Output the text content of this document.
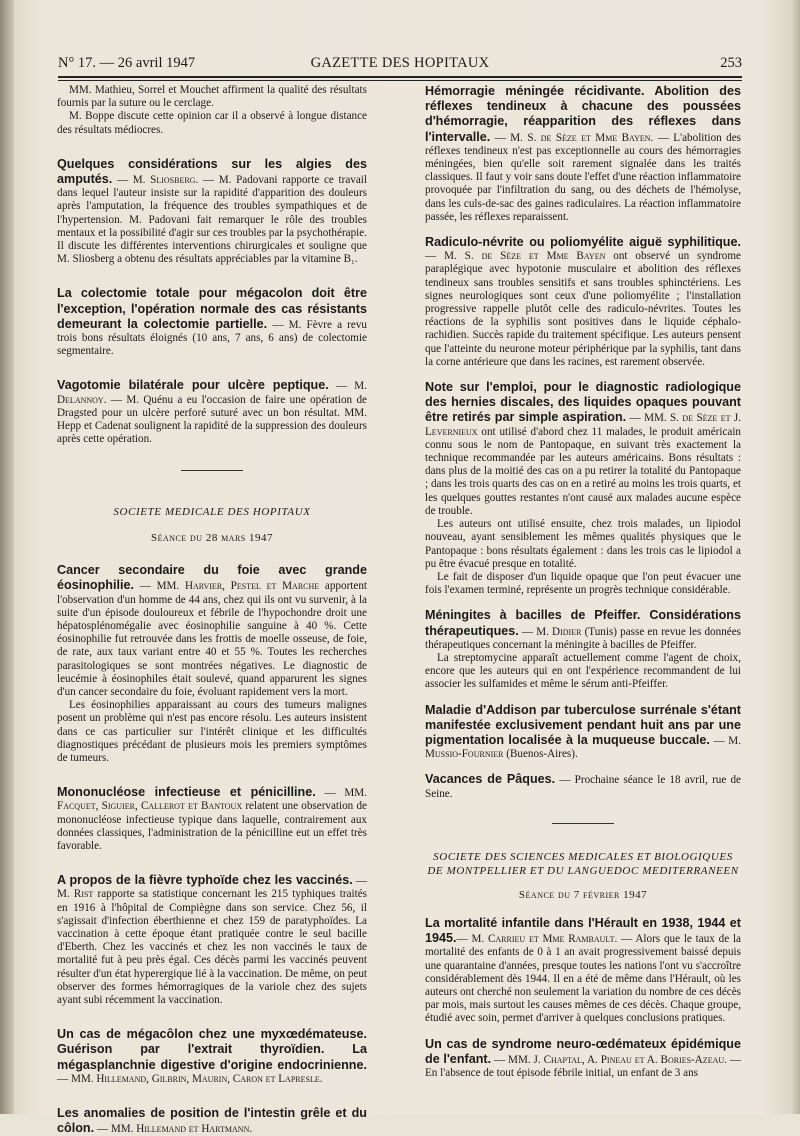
N° 17. — 26 avril 1947	GAZETTE DES HOPITAUX	253

MM. Mathieu, Sorrel et Mouchet affirment la qualité des résultats fournis par la suture ou le cerclage.

M. Boppe discute cette opinion car il a observé à longue distance des résultats médiocres.

Quelques considérations sur les algies des amputés. — M. Sliosberg. — M. Padovani rapporte ce travail dans lequel l'auteur insiste sur la rapidité d'apparition des douleurs après l'amputation, la fréquence des troubles sympathiques et de l'hypertension. M. Padovani fait remarquer le rôle des troubles mentaux et la possibilité d'agir sur ces troubles par la psychothérapie. Il discute les différentes interventions chirurgicales et souligne que M. Sliosberg a obtenu des résultats appréciables par la vitamine B₁.

La colectomie totale pour mégacolon doit être l'exception, l'opération normale des cas résistants demeurant la colectomie partielle. — M. Fèvre a revu trois bons résultats éloignés (10 ans, 7 ans, 6 ans) de colectomie segmentaire.

Vagotomie bilatérale pour ulcère peptique. — M. Delannoy. — M. Quénu a eu l'occasion de faire une opération de Dragsted pour un ulcère perforé suturé avec un bon résultat. MM. Hepp et Cadenat soulignent la rapidité de la suppression des douleurs après cette opération.

SOCIETE MEDICALE DES HOPITAUX
Séance du 28 mars 1947

Cancer secondaire du foie avec grande éosinophilie. — MM. Harvier, Pestel et Marche apportent l'observation d'un homme de 44 ans, chez qui ils ont vu survenir, à la suite d'un épisode douloureux et fébrile de l'hypochondre droit une hépatosplénomégalie avec éosinophilie sanguine à 40 %. Cette éosinophilie fut retrouvée dans les frottis de moelle osseuse, de foie, de rate, aux taux variant entre 40 et 55 %. Toutes les recherches parasitologiques se sont montrées négatives. Le diagnostic de leucémie à éosinophiles était soulevé, quand apparurent les signes d'un cancer secondaire du foie, évoluant rapidement vers la mort.

Les éosinophilies apparaissant au cours des tumeurs malignes posent un problème qui n'est pas encore résolu. Les auteurs insistent dans ce cas particulier sur l'intérêt clinique et les difficultés diagnostiques précédant de plusieurs mois les premiers symptômes de tumeurs.

Mononucléose infectieuse et pénicilline. — MM. Facquet, Siguier, Callerot et Bantoux relatent une observation de mononucléose infectieuse typique dans laquelle, contrairement aux données classiques, l'administration de la pénicilline eut un effet très favorable.

A propos de la fièvre typhoïde chez les vaccinés. — M. Rist rapporte sa statistique concernant les 215 typhiques traités en 1916 à l'hôpital de Compiègne dans son service. Chez 56, il s'agissait d'infection éberthienne et chez 159 de paratyphoïdes. La vaccination à cette époque étant pratiquée contre le seul bacille d'Eberth. Chez les vaccinés et chez les non vaccinés le taux de mortalité fut à peu près égal. Ces décès parmi les vaccinés peuvent résulter d'un état hyperergique lié à la vaccination. De même, on peut observer des formes hémorragiques de la variole chez des sujets ayant subi récemment la vaccination.

Un cas de mégacôlon chez une myxœdémateuse. Guérison par l'extrait thyroïdien. La mégasplanchnie digestive d'origine endocrinienne. — MM. Hillemand, Gilbrin, Maurin, Caron et Lapresle.

Les anomalies de position de l'intestin grêle et du côlon. — MM. Hillemand et Hartmann.

Hémorragie méningée récidivante. Abolition des réflexes tendineux à chacune des poussées d'hémorragie, réapparition des réflexes dans l'intervalle. — M. S. de Sèze et Mme Bayen. — L'abolition des réflexes tendineux n'est pas exceptionnelle au cours des hémorragies méningées, bien qu'elle soit rarement signalée dans les traités classiques. Il faut y voir sans doute l'effet d'une réaction inflammatoire provoquée par l'infiltration du sang, ou des déchets de l'hémolyse, dans les culs-de-sac des gaines radiculaires. La réaction inflammatoire passée, les réflexes reparaissent.

Radiculo-névrite ou poliomyélite aiguë syphilitique. — M. S. de Sèze et Mme Bayen ont observé un syndrome paraplégique avec hypotonie musculaire et abolition des réflexes tendineux sans troubles sensitifs et sans troubles sphinctériens. Les signes neurologiques sont ceux d'une poliomyélite ; l'installation progressive rappelle plutôt celle des radiculo-névrites. Toutes les réactions de la syphilis sont positives dans le liquide céphalo-rachidien. Succès rapide du traitement spécifique. Les auteurs pensent que l'atteinte du neurone moteur périphérique par la syphilis, tant dans la corne antérieure que dans les racines, est rarement observée.

Note sur l'emploi, pour le diagnostic radiologique des hernies discales, des liquides opaques pouvant être retirés par simple aspiration. — MM. S. de Sèze et J. Levernieux ont utilisé d'abord chez 11 malades, le produit américain connu sous le nom de Pantopaque, en suivant très exactement la technique recommandée par les auteurs américains. Bons résultats : dans plus de la moitié des cas on a pu retirer la totalité du Pantopaque ; dans les trois quarts des cas on en a retiré au moins les trois quarts, et les quelques gouttes restantes n'ont causé aux malades aucune espèce de trouble.

Les auteurs ont utilisé ensuite, chez trois malades, un lipiodol nouveau, ayant sensiblement les mêmes qualités physiques que le Pantopaque : bons résultats également : dans les trois cas le lipiodol a pu être évacué presque en totalité.

Le fait de disposer d'un liquide opaque que l'on peut évacuer une fois l'examen terminé, représente un progrès technique considérable.

Méningites à bacilles de Pfeiffer. Considérations thérapeutiques. — M. Didier (Tunis) passe en revue les données thérapeutiques concernant la méningite à bacilles de Pfeiffer.

La streptomycine apparaît actuellement comme l'agent de choix, encore que les auteurs qui en ont l'expérience recommandent de lui associer les sulfamides et même le sérum anti-Pfeiffer.

Maladie d'Addison par tuberculose surrénale s'étant manifestée exclusivement pendant huit ans par une pigmentation localisée à la muqueuse buccale. — M. Mussio-Fournier (Buenos-Aires).

Vacances de Pâques. — Prochaine séance le 18 avril, rue de Seine.

SOCIETE DES SCIENCES MEDICALES ET BIOLOGIQUES
DE MONTPELLIER ET DU LANGUEDOC MEDITERRANEEN
Séance du 7 février 1947

La mortalité infantile dans l'Hérault en 1938, 1944 et 1945.— M. Carrieu et Mme Rambault. — Alors que le taux de la mortalité des enfants de 0 à 1 an avait progressivement baissé depuis une quarantaine d'années, presque toutes les nations l'ont vu s'accroître considérablement dès 1944. Il en a été de même dans l'Hérault, où les auteurs ont cherché non seulement la variation du nombre de ces décès par mois, mais surtout les causes mêmes de ces décès. Chaque groupe, étudié avec soin, permet d'arriver à quelques conclusions pratiques.

Un cas de syndrome neuro-œdémateux épidémique de l'enfant. — MM. J. Chaptal, A. Pineau et A. Bories-Azeau. — En l'absence de tout épisode fébrile initial, un enfant de 3 ans
